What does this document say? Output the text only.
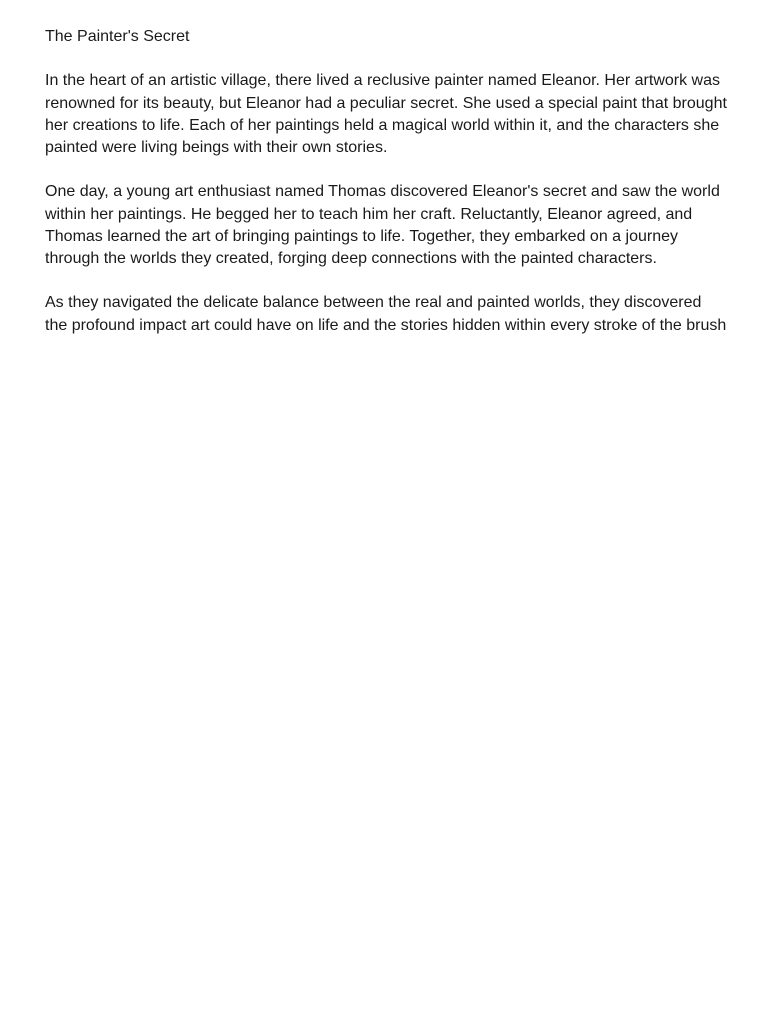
The Painter's Secret

In the heart of an artistic village, there lived a reclusive painter named Eleanor. Her artwork was renowned for its beauty, but Eleanor had a peculiar secret. She used a special paint that brought her creations to life. Each of her paintings held a magical world within it, and the characters she painted were living beings with their own stories.

One day, a young art enthusiast named Thomas discovered Eleanor's secret and saw the world within her paintings. He begged her to teach him her craft. Reluctantly, Eleanor agreed, and Thomas learned the art of bringing paintings to life. Together, they embarked on a journey through the worlds they created, forging deep connections with the painted characters.

As they navigated the delicate balance between the real and painted worlds, they discovered the profound impact art could have on life and the stories hidden within every stroke of the brush
